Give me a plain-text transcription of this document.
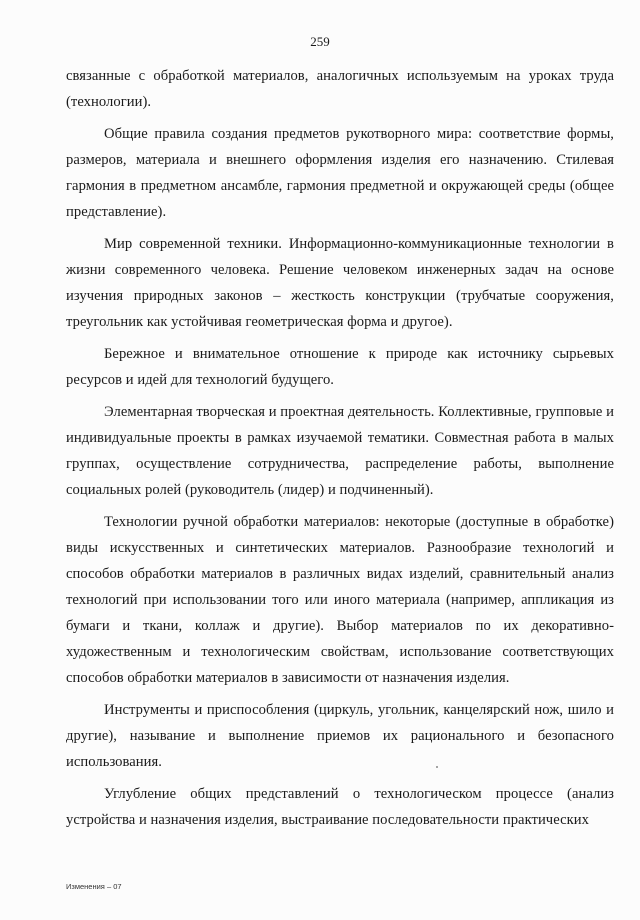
259

связанные с обработкой материалов, аналогичных используемым на уроках труда (технологии).

Общие правила создания предметов рукотворного мира: соответствие формы, размеров, материала и внешнего оформления изделия его назначению. Стилевая гармония в предметном ансамбле, гармония предметной и окружающей среды (общее представление).

Мир современной техники. Информационно-коммуникационные технологии в жизни современного человека. Решение человеком инженерных задач на основе изучения природных законов – жесткость конструкции (трубчатые сооружения, треугольник как устойчивая геометрическая форма и другое).

Бережное и внимательное отношение к природе как источнику сырьевых ресурсов и идей для технологий будущего.

Элементарная творческая и проектная деятельность. Коллективные, групповые и индивидуальные проекты в рамках изучаемой тематики. Совместная работа в малых группах, осуществление сотрудничества, распределение работы, выполнение социальных ролей (руководитель (лидер) и подчиненный).

Технологии ручной обработки материалов: некоторые (доступные в обработке) виды искусственных и синтетических материалов. Разнообразие технологий и способов обработки материалов в различных видах изделий, сравнительный анализ технологий при использовании того или иного материала (например, аппликация из бумаги и ткани, коллаж и другие). Выбор материалов по их декоративно-художественным и технологическим свойствам, использование соответствующих способов обработки материалов в зависимости от назначения изделия.

Инструменты и приспособления (циркуль, угольник, канцелярский нож, шило и другие), называние и выполнение приемов их рационального и безопасного использования.

Углубление общих представлений о технологическом процессе (анализ устройства и назначения изделия, выстраивание последовательности практических

Изменения – 07
